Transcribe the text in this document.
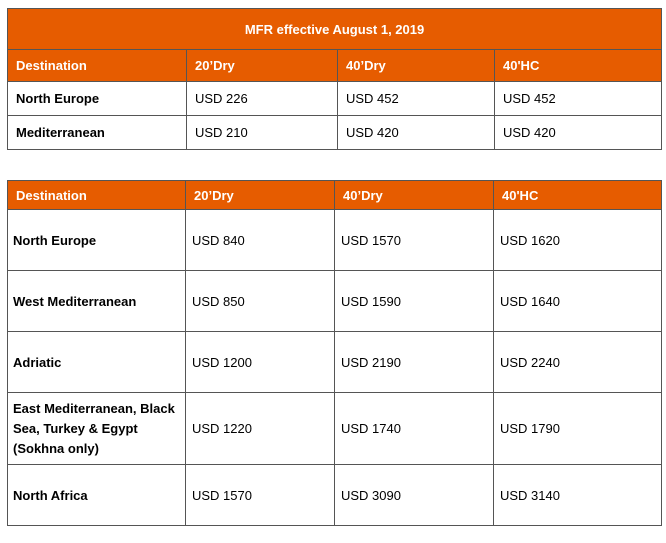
MFR effective August 1, 2019			
Destination	20’Dry	40’Dry	40'HC
North Europe	USD 226	USD 452	USD 452
Mediterranean	USD 210	USD 420	USD 420
Destination	20’Dry	40’Dry	40'HC
North Europe	USD 840	USD 1570	USD 1620
West Mediterranean	USD 850	USD 1590	USD 1640
Adriatic	USD 1200	USD 2190	USD 2240
East Mediterranean, Black Sea, Turkey & Egypt (Sokhna only)	USD 1220	USD 1740	USD 1790
North Africa	USD 1570	USD 3090	USD 3140
